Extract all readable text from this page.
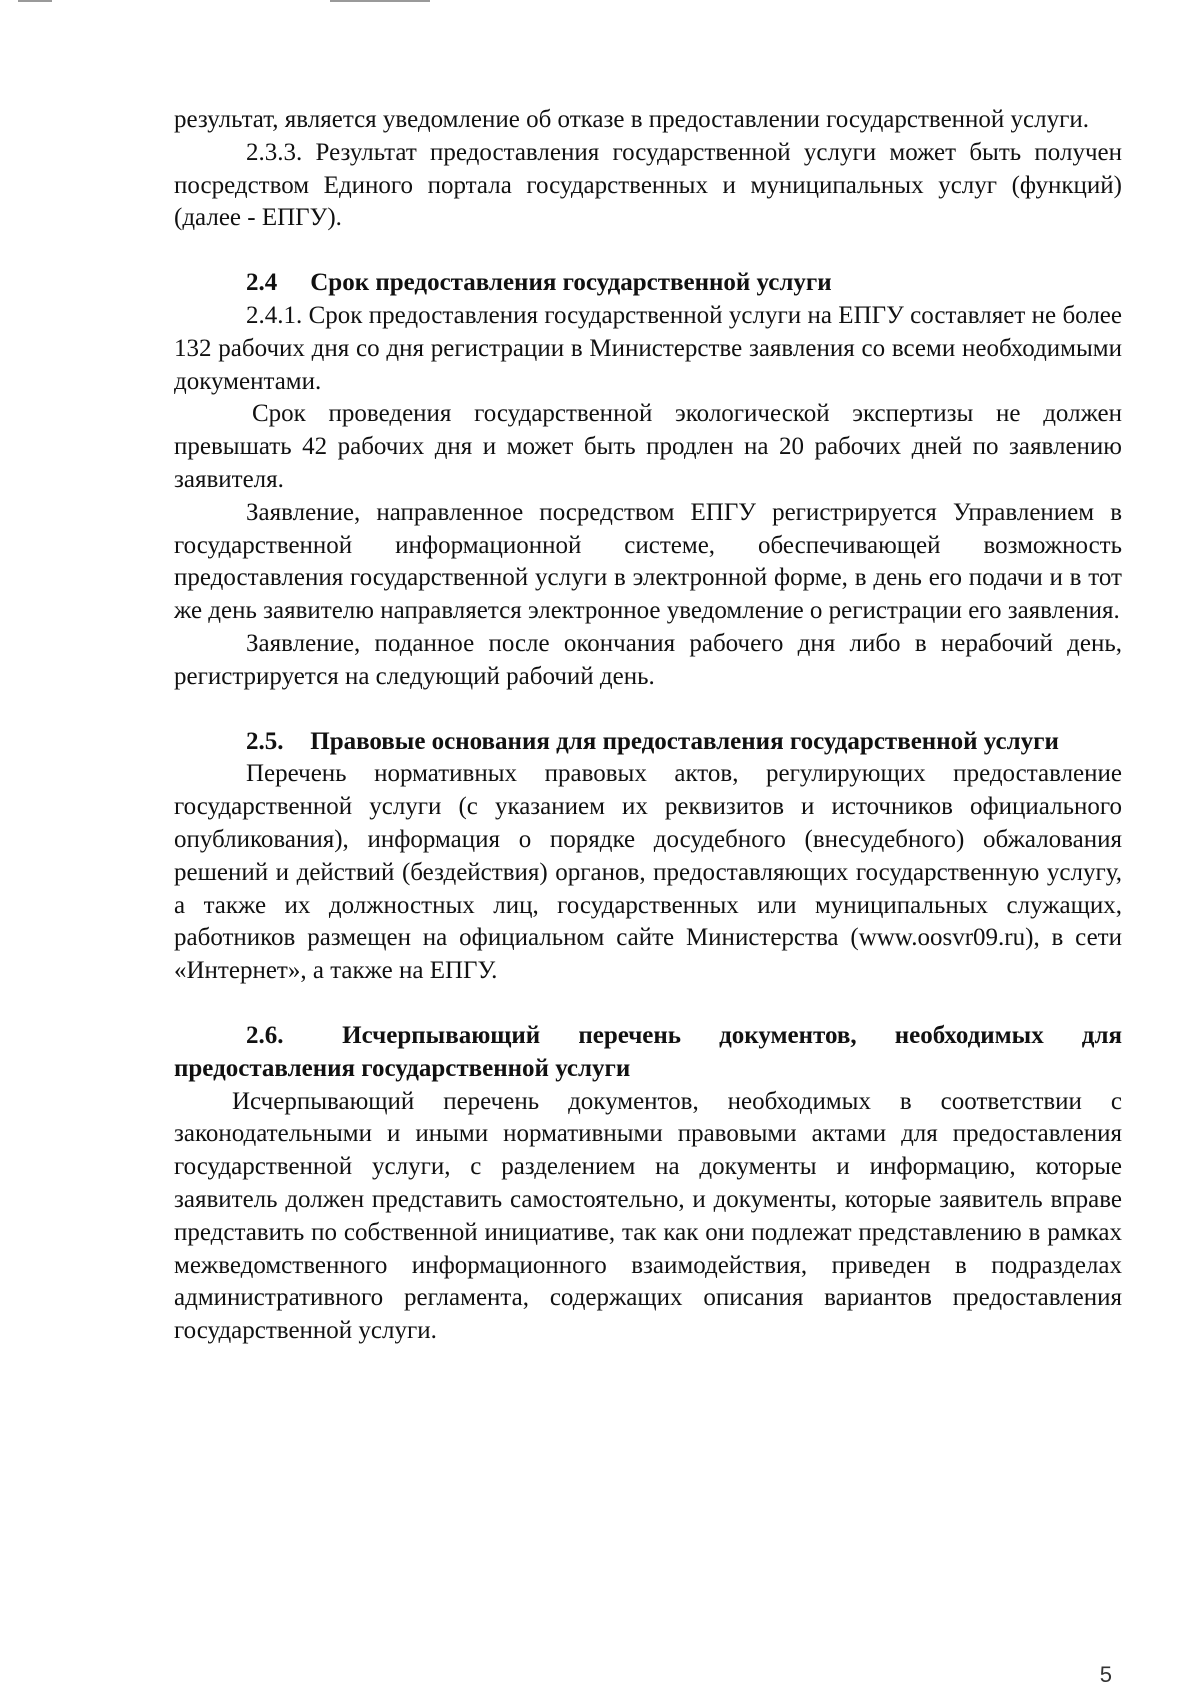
результат, является уведомление об отказе в предоставлении государственной услуги.

2.3.3. Результат предоставления государственной услуги может быть получен посредством Единого портала государственных и муниципальных услуг (функций) (далее - ЕПГУ).

2.4 Срок предоставления государственной услуги

2.4.1. Срок предоставления государственной услуги на ЕПГУ составляет не более 132 рабочих дня со дня регистрации в Министерстве заявления со всеми необходимыми документами.

Срок проведения государственной экологической экспертизы не должен превышать 42 рабочих дня и может быть продлен на 20 рабочих дней по заявлению заявителя.

Заявление, направленное посредством ЕПГУ регистрируется Управлением в государственной информационной системе, обеспечивающей возможность предоставления государственной услуги в электронной форме, в день его подачи и в тот же день заявителю направляется электронное уведомление о регистрации его заявления.

Заявление, поданное после окончания рабочего дня либо в нерабочий день, регистрируется на следующий рабочий день.

2.5. Правовые основания для предоставления государственной услуги

Перечень нормативных правовых актов, регулирующих предоставление государственной услуги (с указанием их реквизитов и источников официального опубликования), информация о порядке досудебного (внесудебного) обжалования решений и действий (бездействия) органов, предоставляющих государственную услугу, а также их должностных лиц, государственных или муниципальных служащих, работников размещен на официальном сайте Министерства (www.oosvr09.ru), в сети «Интернет», а также на ЕПГУ.

2.6. Исчерпывающий перечень документов, необходимых для предоставления государственной услуги

Исчерпывающий перечень документов, необходимых в соответствии с законодательными и иными нормативными правовыми актами для предоставления государственной услуги, с разделением на документы и информацию, которые заявитель должен представить самостоятельно, и документы, которые заявитель вправе представить по собственной инициативе, так как они подлежат представлению в рамках межведомственного информационного взаимодействия, приведен в подразделах административного регламента, содержащих описания вариантов предоставления государственной услуги.

5
